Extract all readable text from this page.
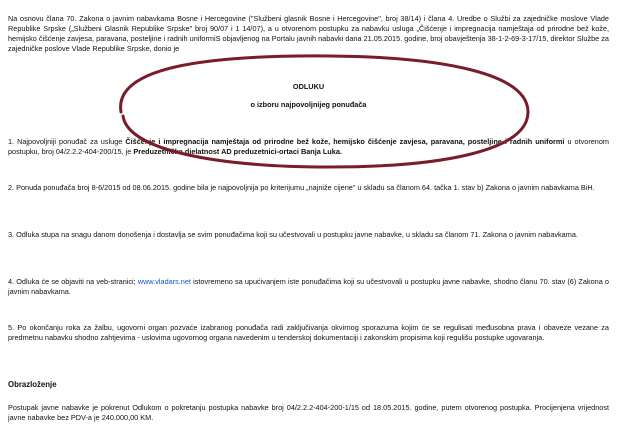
Na osnovu člana 70. Zakona o javnim nabavkama Bosne i Hercegovine ("Službeni glasnik Bosne i Hercegovine", broj 38/14) i člana 4. Uredbe o Službi za zajedničke moslove Vlade Republike Srpske („Službeni Glasnik Republike Srpske" broj 90/07 i 1 14/07), a u otvorenom postupku za nabavku usluga „Čišćenje i impregnacija namještaja od prirodne bež kože, hemijsko čišćenje zavjesa, paravana, posteljine i radnih uniformiS objavljenog na Portalu javnih nabavki dana 21.05.2015. godine, broj obavještenja 38-1-2-69-3-17/15, direktor Službe za zajedničke poslove Vlade Republike Srpske, donio je

ODLUKU

o izboru najpovoljnijeg ponuđača

1. Najpovoljniji ponuđač za usluge Čišćenje i impregnacija namještaja od prirodne bež kože, hemijsko čišćenje zavjesa, paravana, posteljine i radnih uniformi u otvorenom postupku, broj 04/2.2.2-404-200/15, je Preduzetnička djelatnost AD preduzetnici-ortaci Banja Luka.

2. Ponuda ponuđača broj 8-6/2015 od 08.06.2015. godine bila je najpovoljnija po kriterijumu „najniže cijene" u skladu sa članom 64. tačka 1. stav b) Zakona o javnim nabavkama BiH.

3. Odluka stupa na snagu danom donošenja i dostavlja se svim ponuđačima koji su učestvovali u postupku javne nabavke, u skladu sa članom 71. Zakona o javnim nabavkama.

4. Odluka će se objaviti na veb-stranici; www.vladars.net istovremeno sa upućivanjem iste ponuđačima koji su učestvovali u postupku javne nabavke, shodno članu 70. stav (6) Zakona o javnim nabavkama.

5. Po okončanju roka za žalbu, ugovorni organ pozvaće izabranog ponuđača radi zaključivanja okvirnog sporazuma kojim će se regulisati međusobna prava i obaveze vezane za predmetnu nabavku shodno zahtjevima - uslovima ugovornog organa navedenim u tenderskoj dokumentaciji i zakonskim propisima koji regulišu postupke ugovaranja.

Obrazloženje

Postupak javne nabavke je pokrenut Odlukom o pokretanju postupka nabavke broj 04/2.2.2-404-200-1/15 od 18.05.2015. godine, putem otvorenog postupka. Procijenjena vrijednost javne nabavke bez PDV-a je 240.000,00 KM.
